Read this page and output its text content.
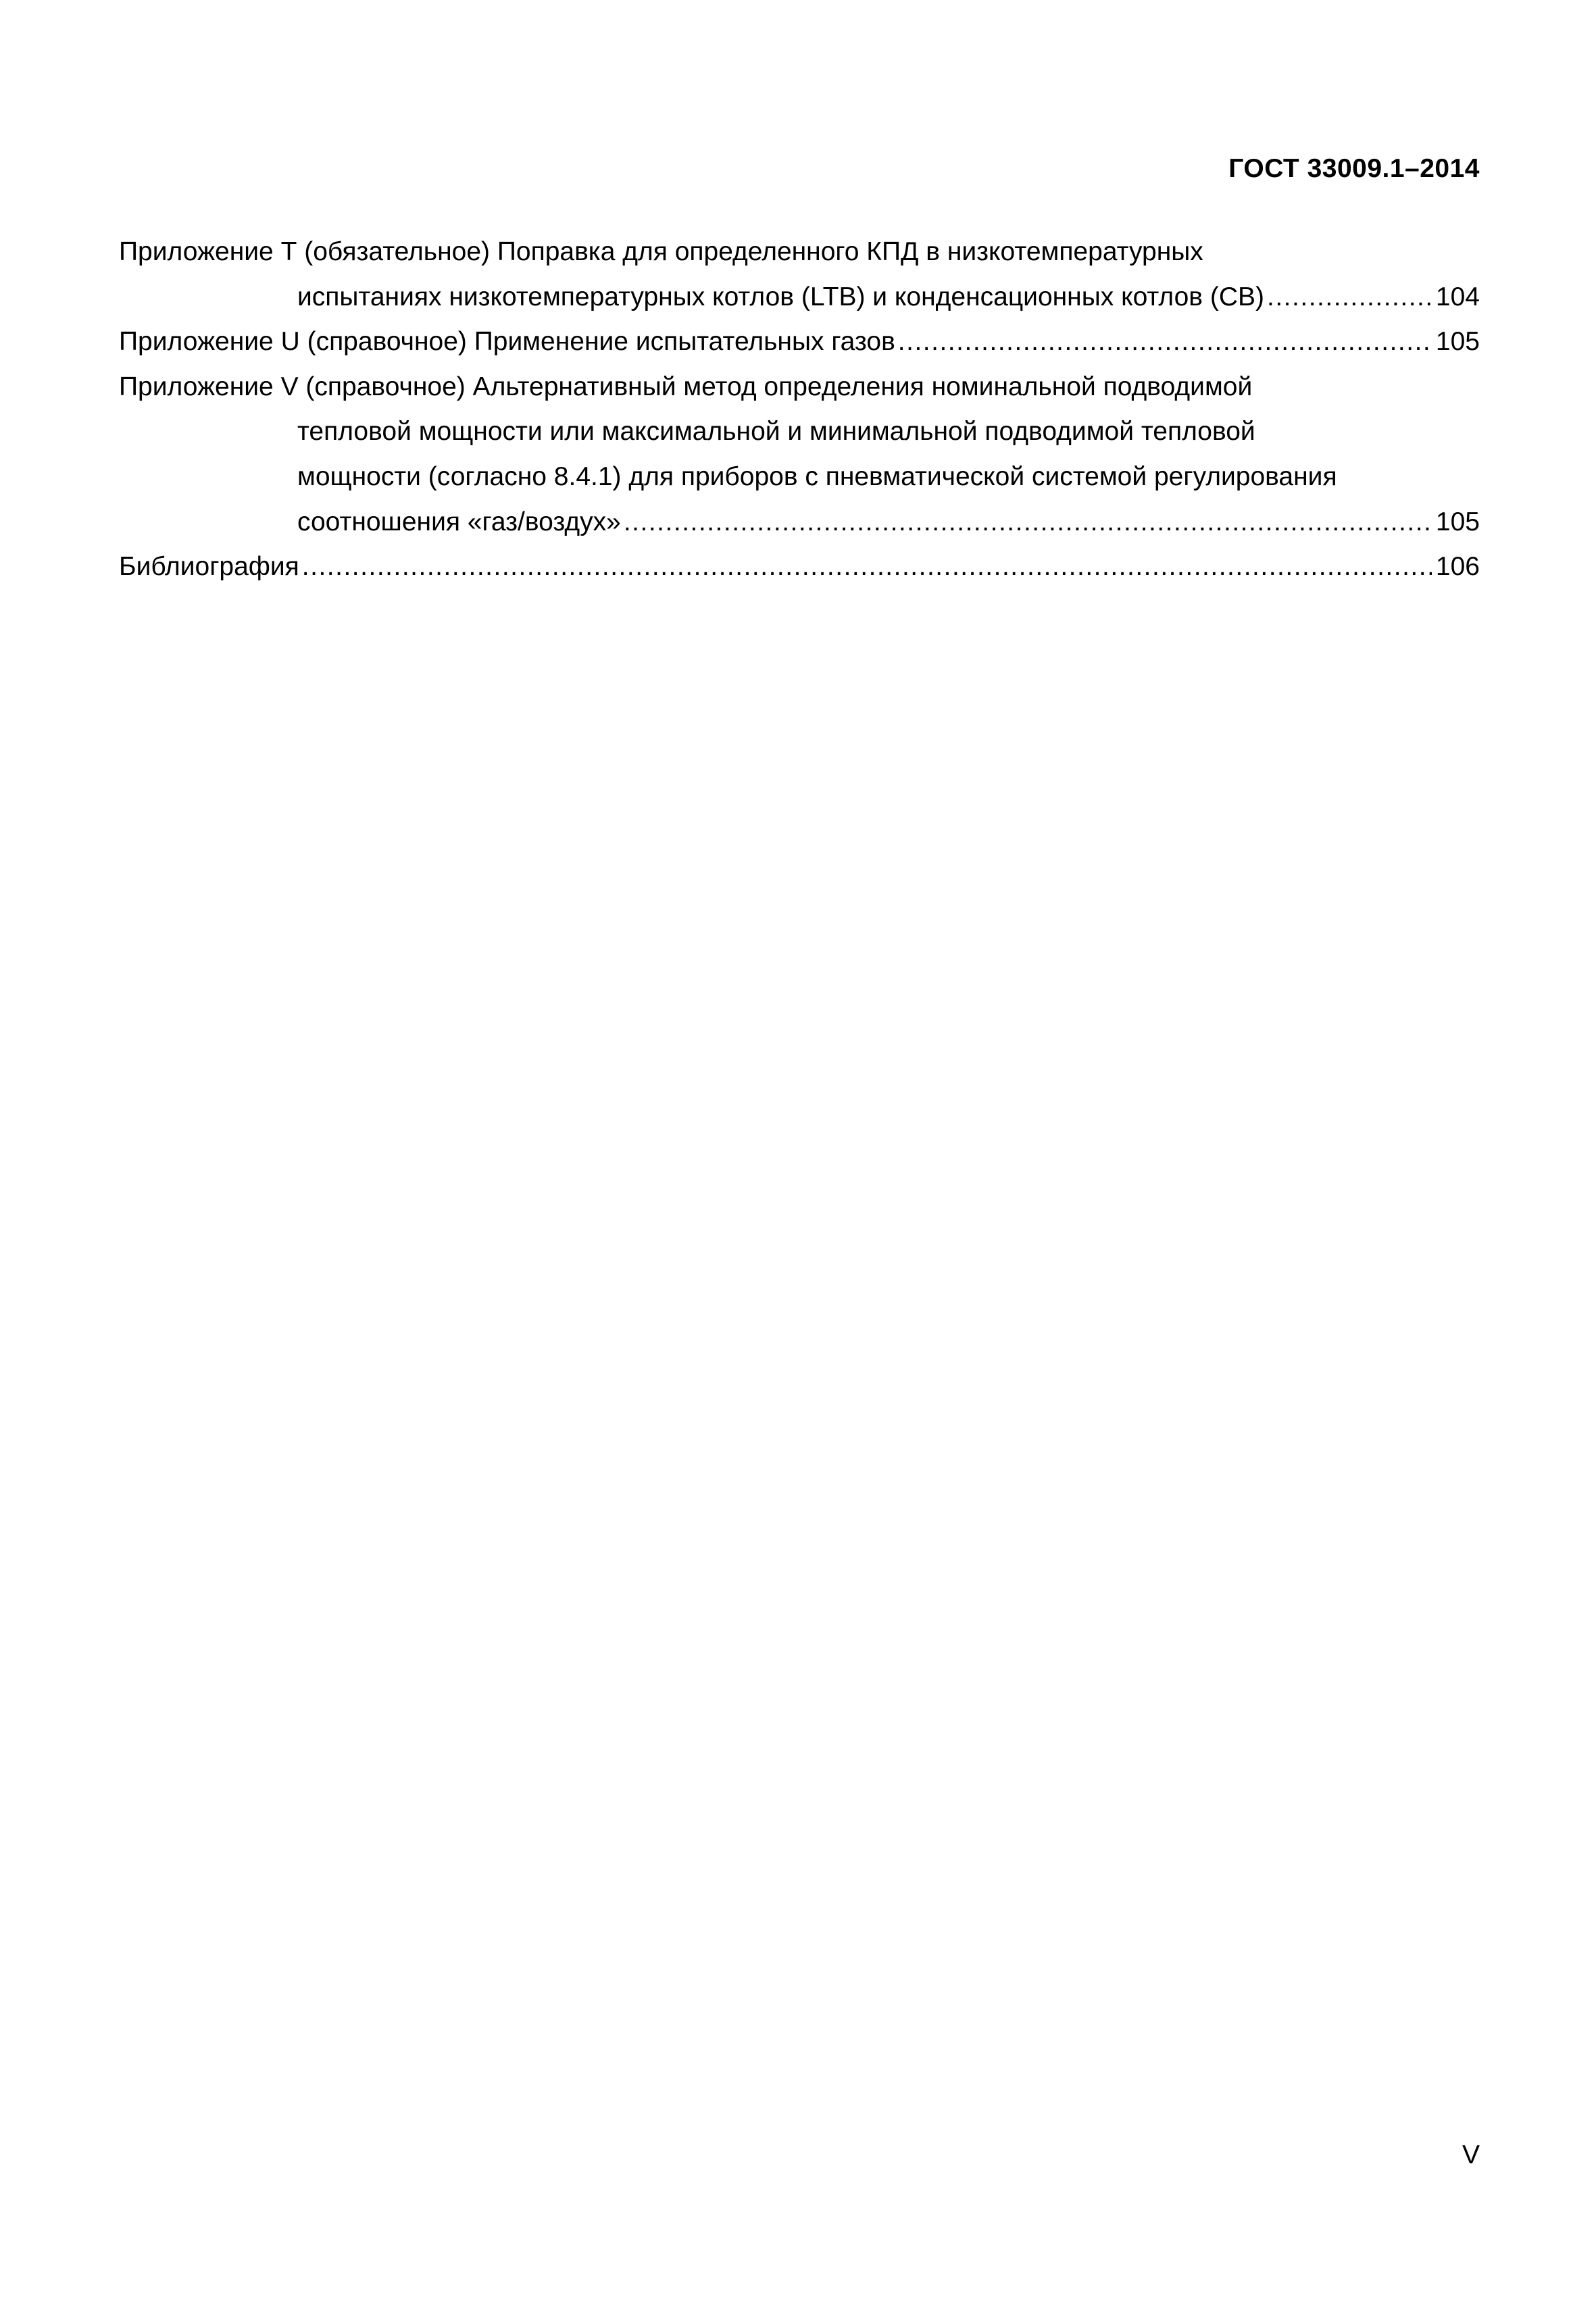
ГОСТ 33009.1–2014
Приложение Т (обязательное) Поправка для определенного КПД в низкотемпературных
испытаниях низкотемпературных котлов (LTB) и конденсационных котлов (CB) .....	104
Приложение U (справочное) Применение испытательных газов .....	105
Приложение V (справочное) Альтернативный метод определения номинальной подводимой
тепловой мощности или максимальной и минимальной подводимой тепловой
мощности (согласно 8.4.1) для приборов с пневматической системой регулирования
соотношения «газ/воздух» .....	105
Библиография .....	106
V
